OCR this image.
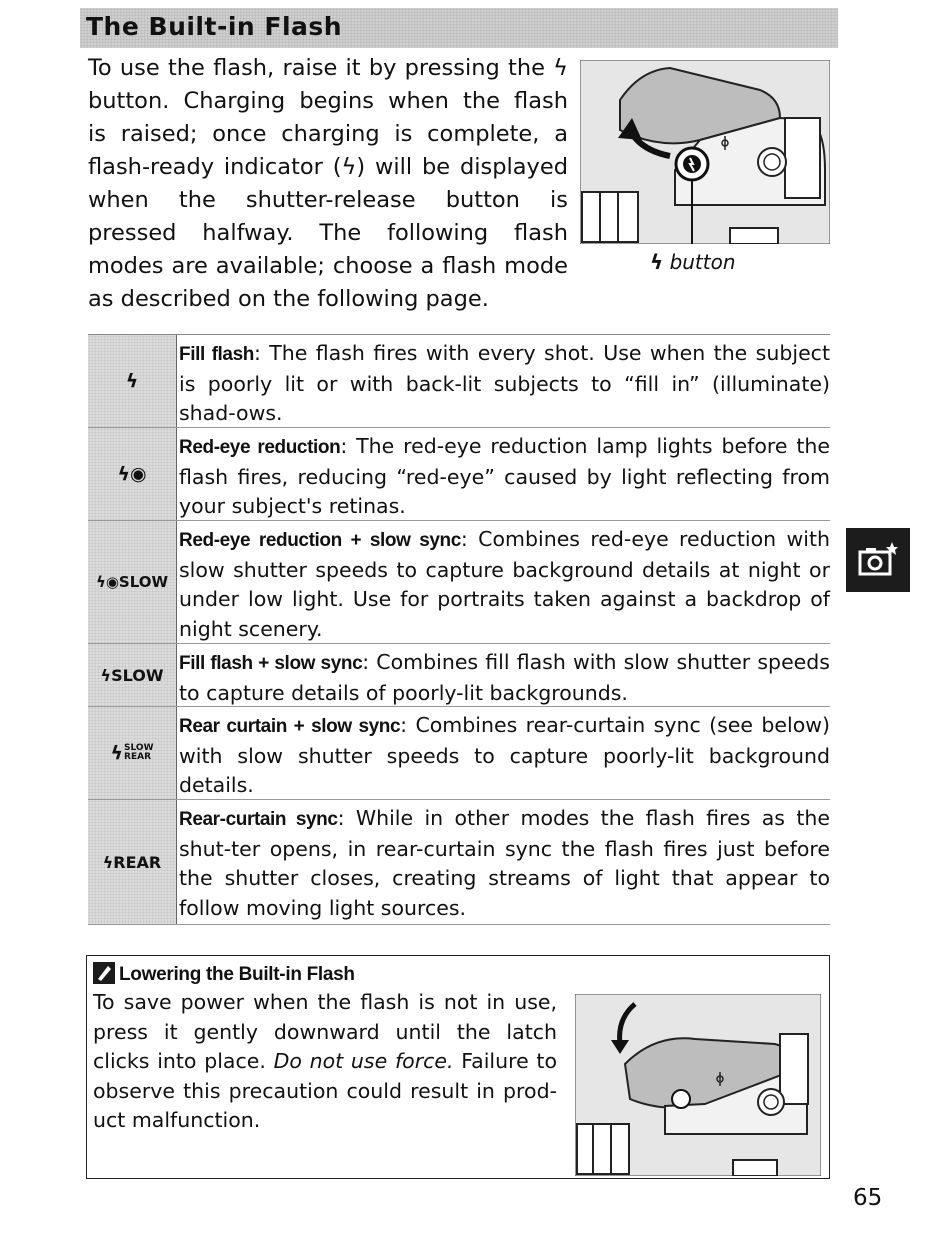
The Built-in Flash
To use the flash, raise it by pressing the ϟ
button. Charging begins when the flash
is raised; once charging is complete, a
flash-ready indicator (ϟ) will be displayed
when the shutter-release button is
pressed halfway. The following flash
modes are available; choose a flash mode
as described on the following page.
ϟ button
ϟ
Fill flash: The flash fires with every shot. Use when the subject is poorly lit or with back-lit subjects to “fill in” (illuminate) shad-ows.
ϟ◉
Red-eye reduction: The red-eye reduction lamp lights before the flash fires, reducing “red-eye” caused by light reflecting from your subject's retinas.
ϟ◉SLOW
Red-eye reduction + slow sync: Combines red-eye reduction with slow shutter speeds to capture background details at night or under low light. Use for portraits taken against a backdrop of night scenery.
ϟSLOW
Fill flash + slow sync: Combines fill flash with slow shutter speeds to capture details of poorly-lit backgrounds.
ϟ SLOW
REAR
Rear curtain + slow sync: Combines rear-curtain sync (see below) with slow shutter speeds to capture poorly-lit background details.
ϟREAR
Rear-curtain sync: While in other modes the flash fires as the shut-ter opens, in rear-curtain sync the flash fires just before the shutter closes, creating streams of light that appear to follow moving light sources.
Lowering the Built-in Flash

To save power when the flash is not in use, press it gently downward until the latch clicks into place. Do not use force. Failure to observe this precaution could result in prod-uct malfunction.

65
